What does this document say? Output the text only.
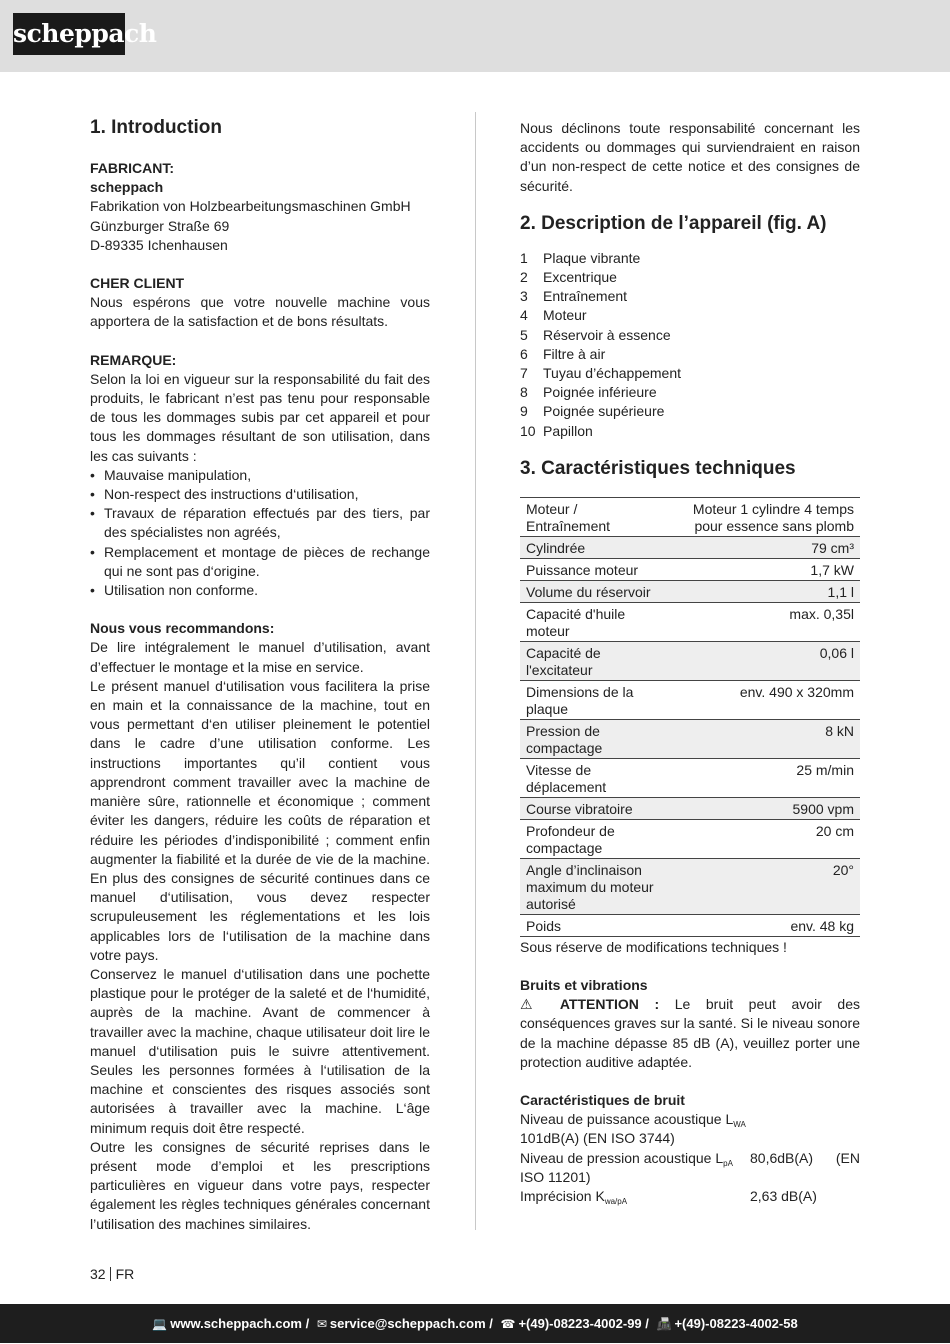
scheppach
1. Introduction

FABRICANT:

scheppach

Fabrikation von Holzbearbeitungsmaschinen GmbH

Günzburger Straße 69

D-89335 Ichenhausen

CHER CLIENT

Nous espérons que votre nouvelle machine vous apportera de la satisfaction et de bons résultats.

REMARQUE:

Selon la loi en vigueur sur la responsabilité du fait des produits, le fabricant n’est pas tenu pour responsable de tous les dommages subis par cet appareil et pour tous les dommages résultant de son utilisation, dans les cas suivants :

• Mauvaise manipulation,
• Non-respect des instructions d‘utilisation,
• Travaux de réparation effectués par des tiers, par des spécialistes non agréés,
• Remplacement et montage de pièces de rechange qui ne sont pas d‘origine.
• Utilisation non conforme.

Nous vous recommandons:

De lire intégralement le manuel d’utilisation, avant d’effectuer le montage et la mise en service.

Le présent manuel d‘utilisation vous facilitera la prise en main et la connaissance de la machine, tout en vous permettant d‘en utiliser pleinement le potentiel dans le cadre d’une utilisation conforme. Les instructions importantes qu’il contient vous apprendront comment travailler avec la machine de manière sûre, rationnelle et économique ; comment éviter les dangers, réduire les coûts de réparation et réduire les périodes d’indisponibilité ; comment enfin augmenter la fiabilité et la durée de vie de la machine. En plus des consignes de sécurité continues dans ce manuel d‘utilisation, vous devez respecter scrupuleusement les réglementations et les lois applicables lors de l‘utilisation de la machine dans votre pays.

Conservez le manuel d‘utilisation dans une pochette plastique pour le protéger de la saleté et de l‘humidité, auprès de la machine. Avant de commencer à travailler avec la machine, chaque utilisateur doit lire le manuel d‘utilisation puis le suivre attentivement. Seules les personnes formées à l‘utilisation de la machine et conscientes des risques associés sont autorisées à travailler avec la machine. L‘âge minimum requis doit être respecté.

Outre les consignes de sécurité reprises dans le présent mode d’emploi et les prescriptions particulières en vigueur dans votre pays, respecter également les règles techniques générales concernant l’utilisation des machines similaires.

Nous déclinons toute responsabilité concernant les accidents ou dommages qui surviendraient en raison d’un non-respect de cette notice et des consignes de sécurité.

2. Description de l’appareil (fig. A)
1	Plaque vibrante
2	Excentrique
3	Entraînement
4	Moteur
5	Réservoir à essence
6	Filtre à air
7	Tuyau d’échappement
8	Poignée inférieure
9	Poignée supérieure
10 Papillon
3. Caractéristiques techniques
Moteur / Entraînement	Moteur 1 cylindre 4 temps pour essence sans plomb
Cylindrée	79 cm³
Puissance moteur	1,7 kW
Volume du réservoir	1,1 l
Capacité d'huile moteur	max. 0,35l
Capacité de l'excitateur	0,06 l
Dimensions de la plaque	env. 490 x 320mm
Pression de compactage	8 kN
Vitesse de déplacement	25 m/min
Course vibratoire	5900 vpm
Profondeur de compactage	20 cm
Angle d’inclinaison maximum du moteur autorisé	20°
Poids	env. 48 kg

Sous réserve de modifications techniques !

Bruits et vibrations

⚠ ATTENTION : Le bruit peut avoir des conséquences graves sur la santé. Si le niveau sonore de la machine dépasse 85 dB (A), veuillez porter une protection auditive adaptée.

Caractéristiques de bruit

Niveau de puissance acoustique $L_{WA}$

101dB(A) (EN ISO 3744)

Niveau de pression acoustique $L_{pA}$	80,6dB(A) (EN

ISO 11201)

Imprécision $K_{wa/pA}$	2,63 dB(A)
32 FR
💻 www.scheppach.com / ✉ service@scheppach.com / ☎ +(49)-08223-4002-99 / 📠 +(49)-08223-4002-58
